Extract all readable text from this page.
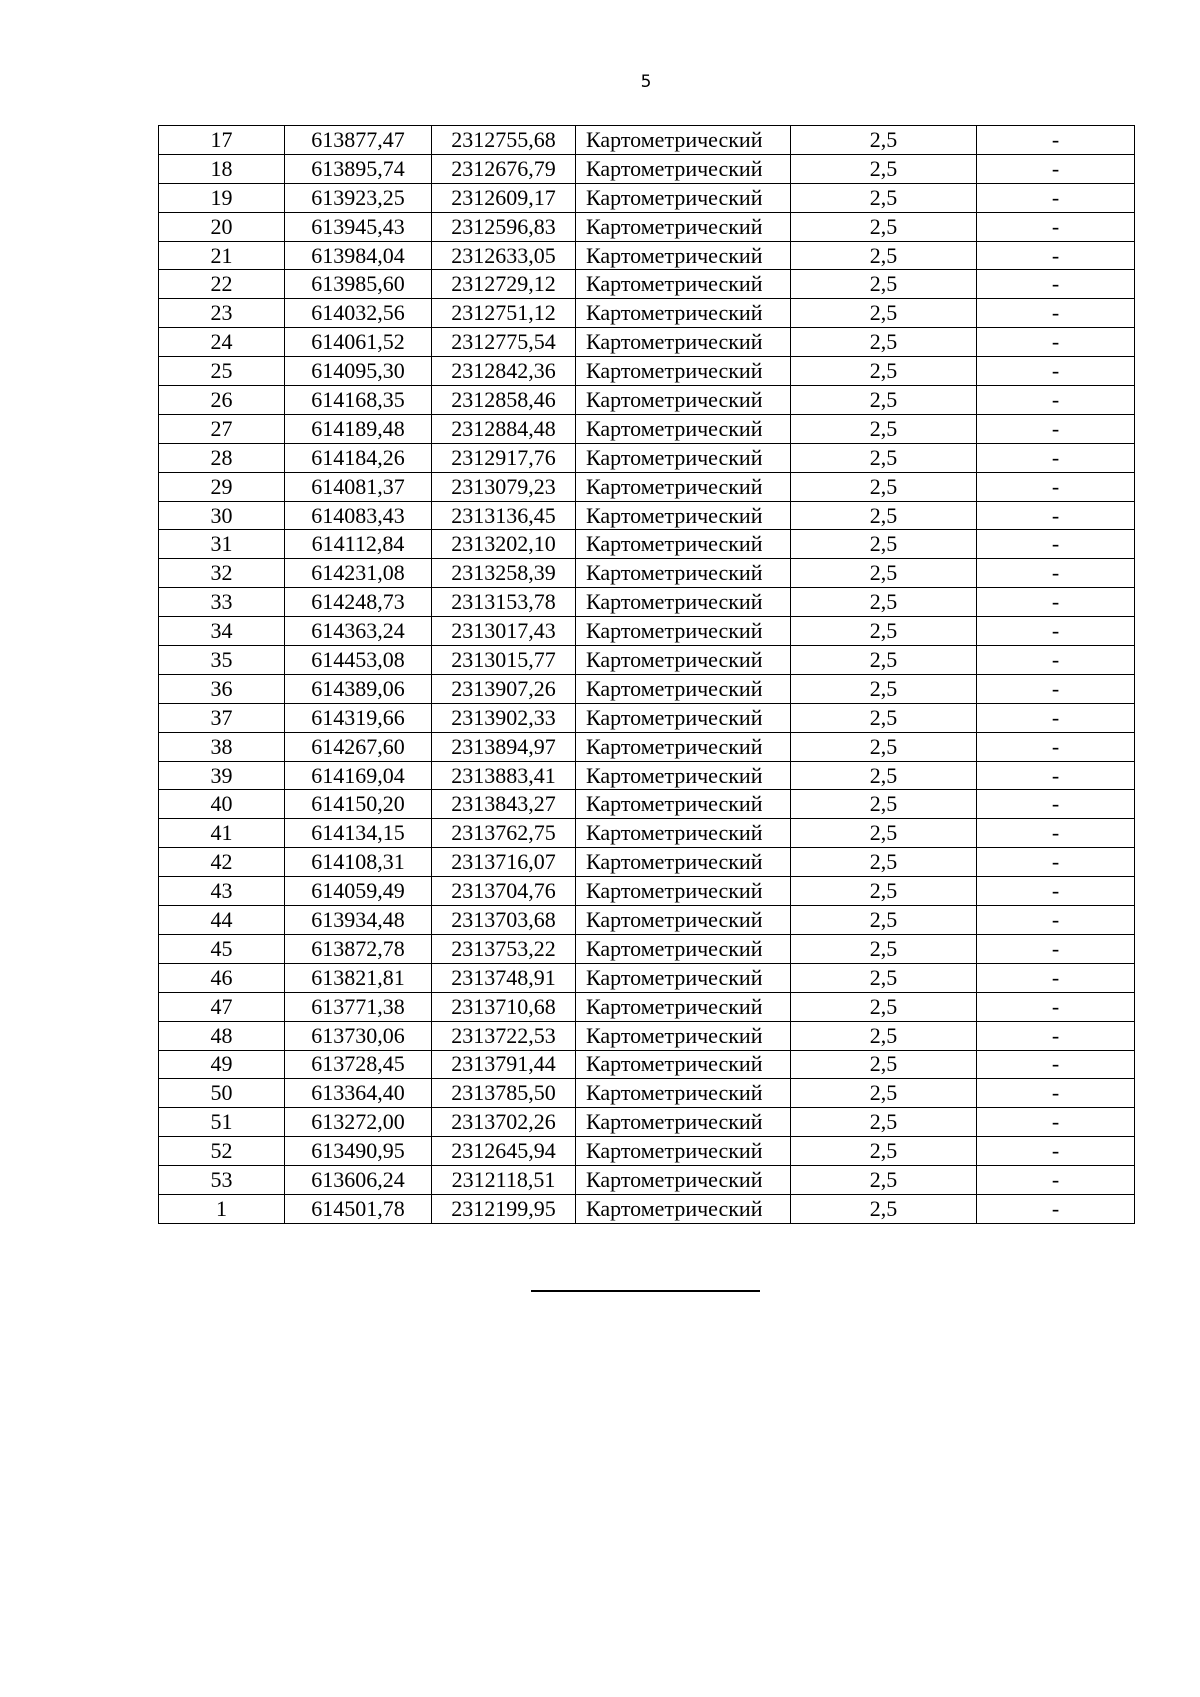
5
17	613877,47	2312755,68	Картометрический	2,5	-
18	613895,74	2312676,79	Картометрический	2,5	-
19	613923,25	2312609,17	Картометрический	2,5	-
20	613945,43	2312596,83	Картометрический	2,5	-
21	613984,04	2312633,05	Картометрический	2,5	-
22	613985,60	2312729,12	Картометрический	2,5	-
23	614032,56	2312751,12	Картометрический	2,5	-
24	614061,52	2312775,54	Картометрический	2,5	-
25	614095,30	2312842,36	Картометрический	2,5	-
26	614168,35	2312858,46	Картометрический	2,5	-
27	614189,48	2312884,48	Картометрический	2,5	-
28	614184,26	2312917,76	Картометрический	2,5	-
29	614081,37	2313079,23	Картометрический	2,5	-
30	614083,43	2313136,45	Картометрический	2,5	-
31	614112,84	2313202,10	Картометрический	2,5	-
32	614231,08	2313258,39	Картометрический	2,5	-
33	614248,73	2313153,78	Картометрический	2,5	-
34	614363,24	2313017,43	Картометрический	2,5	-
35	614453,08	2313015,77	Картометрический	2,5	-
36	614389,06	2313907,26	Картометрический	2,5	-
37	614319,66	2313902,33	Картометрический	2,5	-
38	614267,60	2313894,97	Картометрический	2,5	-
39	614169,04	2313883,41	Картометрический	2,5	-
40	614150,20	2313843,27	Картометрический	2,5	-
41	614134,15	2313762,75	Картометрический	2,5	-
42	614108,31	2313716,07	Картометрический	2,5	-
43	614059,49	2313704,76	Картометрический	2,5	-
44	613934,48	2313703,68	Картометрический	2,5	-
45	613872,78	2313753,22	Картометрический	2,5	-
46	613821,81	2313748,91	Картометрический	2,5	-
47	613771,38	2313710,68	Картометрический	2,5	-
48	613730,06	2313722,53	Картометрический	2,5	-
49	613728,45	2313791,44	Картометрический	2,5	-
50	613364,40	2313785,50	Картометрический	2,5	-
51	613272,00	2313702,26	Картометрический	2,5	-
52	613490,95	2312645,94	Картометрический	2,5	-
53	613606,24	2312118,51	Картометрический	2,5	-
1	614501,78	2312199,95	Картометрический	2,5	-
